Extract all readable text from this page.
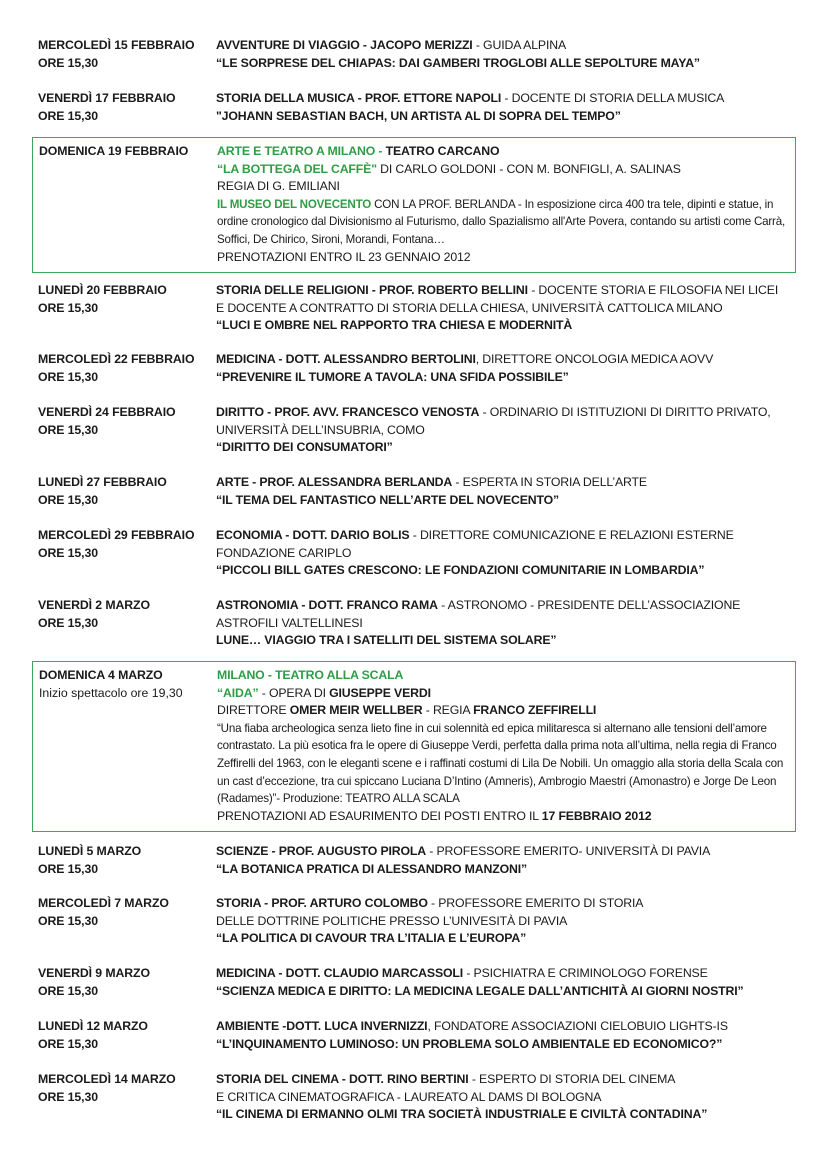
MERCOLEDÌ 15 FEBBRAIO
ORE 15,30
AVVENTURE DI VIAGGIO - JACOPO MERIZZI - GUIDA ALPINA
“LE SORPRESE DEL CHIAPAS: DAI GAMBERI TROGLOBI ALLE SEPOLTURE MAYA”
VENERDÌ 17 FEBBRAIO
ORE 15,30
STORIA DELLA MUSICA - PROF. ETTORE NAPOLI - DOCENTE DI STORIA DELLA MUSICA
"JOHANN SEBASTIAN BACH, UN ARTISTA AL DI SOPRA DEL TEMPO”
DOMENICA 19 FEBBRAIO	ARTE E TEATRO A MILANO - TEATRO CARCANO
“LA BOTTEGA DEL CAFFÈ" DI CARLO GOLDONI - CON M. BONFIGLI, A. SALINAS
REGIA DI G. EMILIANI
IL MUSEO DEL NOVECENTO CON LA PROF. BERLANDA - In esposizione circa 400 tra tele, dipinti e statue, in ordine cronologico dal Divisionismo al Futurismo, dallo Spazialismo all'Arte Povera, contando su artisti come Carrà, Soffici, De Chirico, Sironi, Morandi, Fontana…
PRENOTAZIONI ENTRO IL 23 GENNAIO 2012
LUNEDÌ 20 FEBBRAIO
ORE 15,30
STORIA DELLE RELIGIONI - PROF. ROBERTO BELLINI - DOCENTE STORIA E FILOSOFIA NEI LICEI
E DOCENTE A CONTRATTO DI STORIA DELLA CHIESA, UNIVERSITÀ CATTOLICA MILANO
“LUCI E OMBRE NEL RAPPORTO TRA CHIESA E MODERNITÀ
MERCOLEDÌ 22 FEBBRAIO
ORE 15,30
MEDICINA - DOTT. ALESSANDRO BERTOLINI, DIRETTORE ONCOLOGIA MEDICA AOVV
“PREVENIRE IL TUMORE A TAVOLA: UNA SFIDA POSSIBILE”
VENERDÌ 24 FEBBRAIO
ORE 15,30
DIRITTO - PROF. AVV. FRANCESCO VENOSTA - ORDINARIO DI ISTITUZIONI DI DIRITTO PRIVATO,
UNIVERSITÀ DELL’INSUBRIA, COMO
“DIRITTO DEI CONSUMATORI”
LUNEDÌ 27 FEBBRAIO
ORE 15,30
ARTE - PROF. ALESSANDRA BERLANDA - ESPERTA IN STORIA DELL’ARTE
“IL TEMA DEL FANTASTICO NELL’ARTE DEL NOVECENTO”
MERCOLEDÌ 29 FEBBRAIO
ORE 15,30
ECONOMIA - DOTT. DARIO BOLIS - DIRETTORE COMUNICAZIONE E RELAZIONI ESTERNE
FONDAZIONE CARIPLO
“PICCOLI BILL GATES CRESCONO: LE FONDAZIONI COMUNITARIE IN LOMBARDIA”
VENERDÌ 2 MARZO
ORE 15,30
ASTRONOMIA - DOTT. FRANCO RAMA - ASTRONOMO - PRESIDENTE DELL’ASSOCIAZIONE
ASTROFILI VALTELLINESI
LUNE… VIAGGIO TRA I SATELLITI DEL SISTEMA SOLARE”
DOMENICA 4 MARZO
Inizio spettacolo ore 19,30
MILANO - TEATRO ALLA SCALA
“AIDA” - OPERA DI GIUSEPPE VERDI
DIRETTORE OMER MEIR WELLBER - REGIA FRANCO ZEFFIRELLI
“Una fiaba archeologica senza lieto fine in cui solennità ed epica militaresca si alternano alle tensioni dell’amore contrastato. La più esotica fra le opere di Giuseppe Verdi, perfetta dalla prima nota all’ultima, nella regia di Franco Zeffirelli del 1963, con le eleganti scene e i raffinati costumi di Lila De Nobili. Un omaggio alla storia della Scala con un cast d’eccezione, tra cui spiccano Luciana D’Intino (Amneris), Ambrogio Maestri (Amonastro) e Jorge De Leon (Radames)”- Produzione: TEATRO ALLA SCALA
PRENOTAZIONI AD ESAURIMENTO DEI POSTI ENTRO IL 17 FEBBRAIO 2012
LUNEDÌ 5 MARZO
ORE 15,30
SCIENZE - PROF. AUGUSTO PIROLA - PROFESSORE EMERITO- UNIVERSITÀ DI PAVIA
“LA BOTANICA PRATICA DI ALESSANDRO MANZONI”
MERCOLEDÌ 7 MARZO
ORE 15,30
STORIA - PROF. ARTURO COLOMBO - PROFESSORE EMERITO DI STORIA
DELLE DOTTRINE POLITICHE PRESSO L’UNIVESITÀ DI PAVIA
“LA POLITICA DI CAVOUR TRA L’ITALIA E L’EUROPA”
VENERDÌ 9 MARZO
ORE 15,30
MEDICINA - DOTT. CLAUDIO MARCASSOLI - PSICHIATRA E CRIMINOLOGO FORENSE
“SCIENZA MEDICA E DIRITTO: LA MEDICINA LEGALE DALL’ANTICHITÀ AI GIORNI NOSTRI”
LUNEDÌ 12 MARZO
ORE 15,30
AMBIENTE -DOTT. LUCA INVERNIZZI, FONDATORE ASSOCIAZIONI CIELOBUIO LIGHTS-IS
“L’INQUINAMENTO LUMINOSO: UN PROBLEMA SOLO AMBIENTALE ED ECONOMICO?”
MERCOLEDÌ 14 MARZO
ORE 15,30
STORIA DEL CINEMA - DOTT. RINO BERTINI - ESPERTO DI STORIA DEL CINEMA
E CRITICA CINEMATOGRAFICA - LAUREATO AL DAMS DI BOLOGNA
“IL CINEMA DI ERMANNO OLMI TRA SOCIETÀ INDUSTRIALE E CIVILTÀ CONTADINA”
